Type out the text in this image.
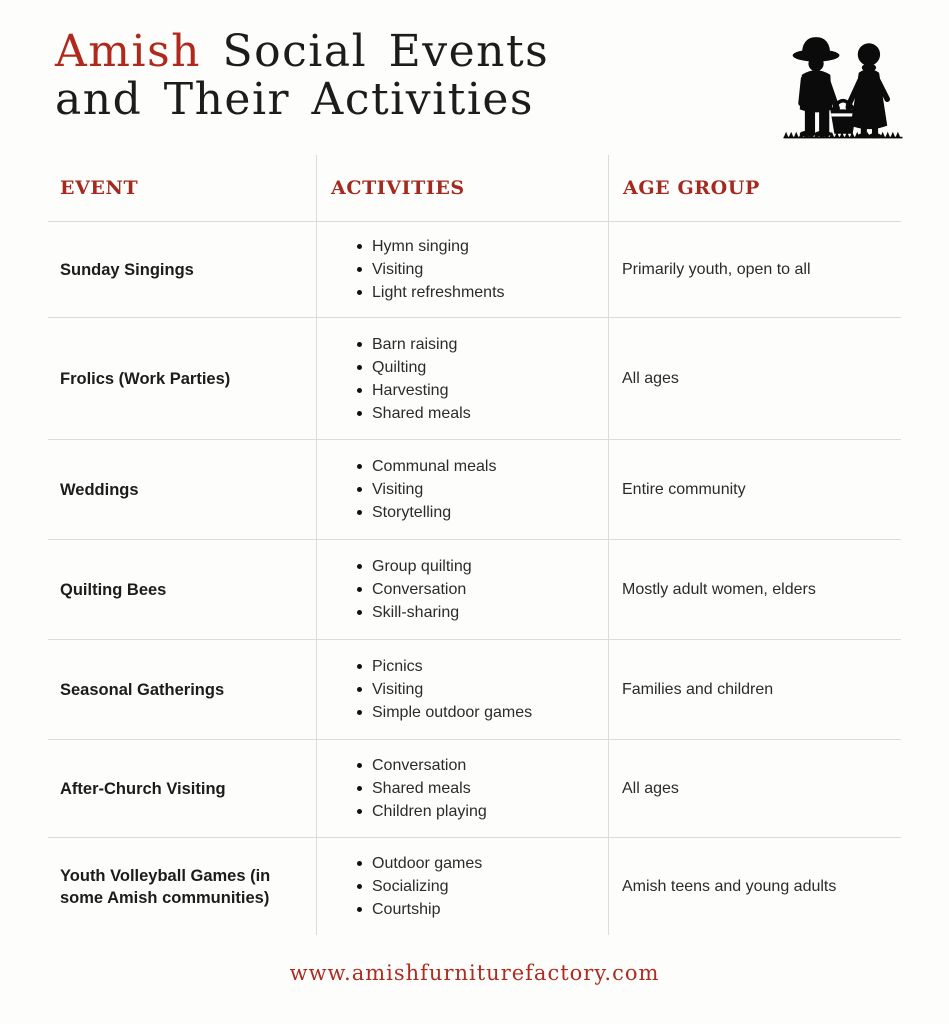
Amish Social Events
and Their Activities
EVENT	ACTIVITIES	AGE GROUP
Sunday Singings
Hymn singing
Visiting
Light refreshments
Primarily youth, open to all
Frolics (Work Parties)
Barn raising
Quilting
Harvesting
Shared meals
All ages
Weddings
Communal meals
Visiting
Storytelling
Entire community
Quilting Bees
Group quilting
Conversation
Skill-sharing
Mostly adult women, elders
Seasonal Gatherings
Picnics
Visiting
Simple outdoor games
Families and children
After-Church Visiting
Conversation
Shared meals
Children playing
All ages
Youth Volleyball Games (in some Amish communities)
Outdoor games
Socializing
Courtship
Amish teens and young adults
www.amishfurniturefactory.com
